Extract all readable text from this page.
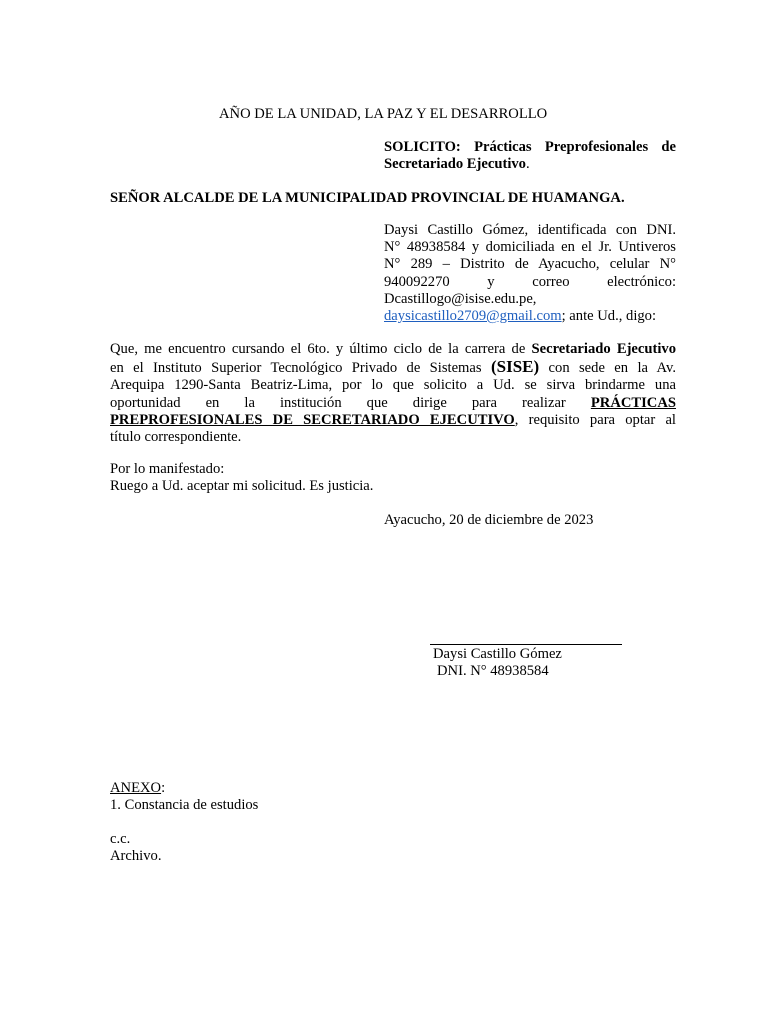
AÑO DE LA UNIDAD, LA PAZ Y EL DESARROLLO
SOLICITO: Prácticas Preprofesionales de
Secretariado Ejecutivo.
SEÑOR ALCALDE DE LA MUNICIPALIDAD PROVINCIAL DE HUAMANGA.
Daysi Castillo Gómez, identificada con DNI.
N° 48938584 y domiciliada en el Jr. Untiveros
N° 289 – Distrito de Ayacucho, celular N°
940092270 y correo electrónico:
Dcastillogo@isise.edu.pe,
daysicastillo2709@gmail.com; ante Ud., digo:
Que, me encuentro cursando el 6to. y último ciclo de la carrera de Secretariado Ejecutivo
en el Instituto Superior Tecnológico Privado de Sistemas (SISE) con sede en la Av.
Arequipa 1290-Santa Beatriz-Lima, por lo que solicito a Ud. se sirva brindarme una
oportunidad en la institución que dirige para realizar PRÁCTICAS
PREPROFESIONALES DE SECRETARIADO EJECUTIVO, requisito para optar al
título correspondiente.
Por lo manifestado:
Ruego a Ud. aceptar mi solicitud. Es justicia.
Ayacucho, 20 de diciembre de 2023
Daysi Castillo Gómez
DNI. N° 48938584
ANEXO:
1. Constancia de estudios
c.c.
Archivo.
